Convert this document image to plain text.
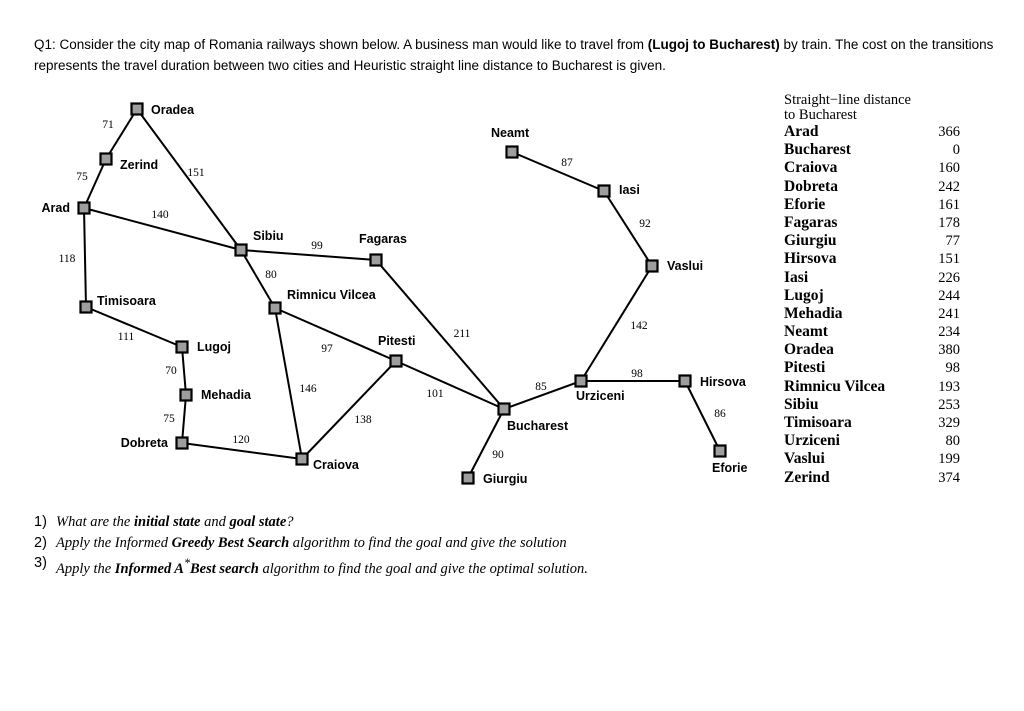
Q1: Consider the city map of Romania railways shown below. A business man would like to travel from (Lugoj to Bucharest) by train. The cost on the transitions represents the travel duration between two cities and Heuristic straight line distance to Bucharest is given.
71
151
75
140
118
111
70
75
120
99
80
97
146
138
211
101
90
85
98
86
142
92
87
Oradea
Zerind
Arad
Timisoara
Lugoj
Mehadia
Dobreta
Sibiu	Fagaras
Rimnicu Vilcea
Pitesti
Craiova
Bucharest
Giurgiu
Urziceni
Hirsova
Eforie
Vaslui
Iasi
Neamt
Straight−line distance
to Bucharest
Arad	366
Bucharest	0
Craiova	160
Dobreta	242
Eforie	161
Fagaras	178
Giurgiu	77
Hirsova	151
Iasi	226
Lugoj	244
Mehadia	241
Neamt	234
Oradea	380
Pitesti	98
Rimnicu Vilcea	193
Sibiu	253
Timisoara	329
Urziceni	80
Vaslui	199
Zerind	374
1) What are the initial state and goal state?
2) Apply the Informed Greedy Best Search algorithm to find the goal and give the solution
3) Apply the Informed A*Best search algorithm to find the goal and give the optimal solution.
